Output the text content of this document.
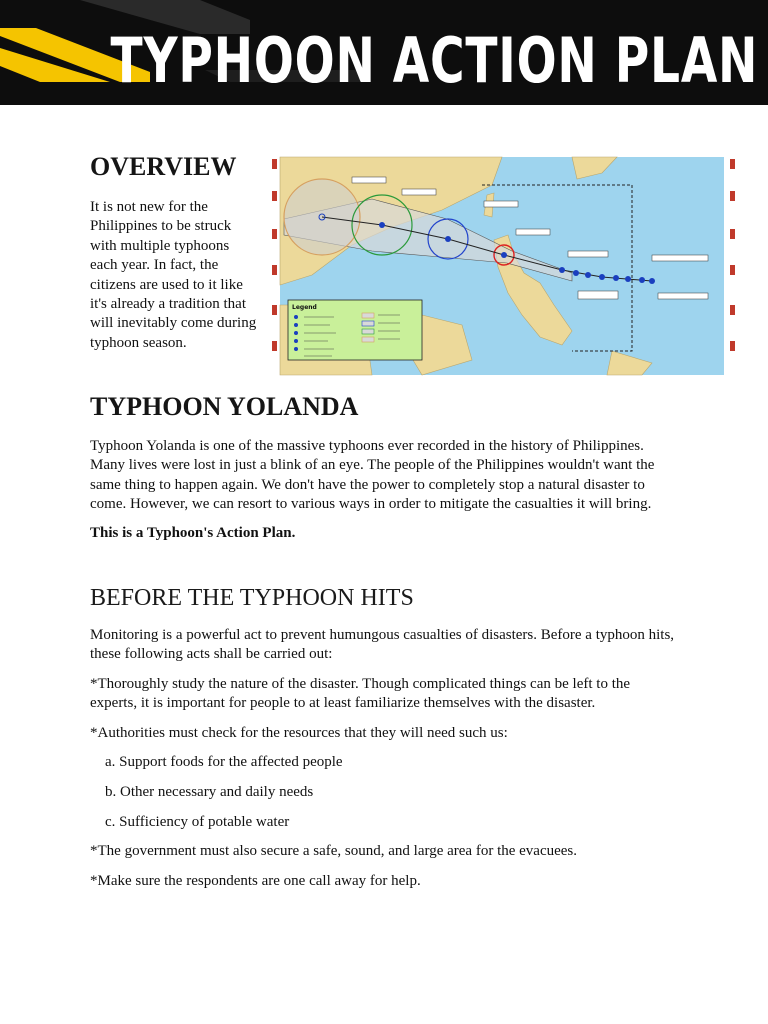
TYPHOON ACTION PLAN
OVERVIEW

It is not new for the Philippines to be struck with multiple typhoons each year. In fact, the citizens are used to it like it's already a tradition that will inevitably come during typhoon season.

Legend
TYPHOON YOLANDA

Typhoon Yolanda is one of the massive typhoons ever recorded in the history of Philippines. Many lives were lost in just a blink of an eye. The people of the Philippines wouldn't want the same thing to happen again. We don't have the power to completely stop a natural disaster to come. However, we can resort to various ways in order to mitigate the casualties it will bring.

This is a Typhoon's Action Plan.

BEFORE THE TYPHOON HITS

Monitoring is a powerful act to prevent humungous casualties of disasters. Before a typhoon hits, these following acts shall be carried out:

*Thoroughly study the nature of the disaster. Though complicated things can be left to the experts, it is important for people to at least familiarize themselves with the disaster.

*Authorities must check for the resources that they will need such us:

a. Support foods for the affected people

b. Other necessary and daily needs

c. Sufficiency of potable water

*The government must also secure a safe, sound, and large area for the evacuees.

*Make sure the respondents are one call away for help.
